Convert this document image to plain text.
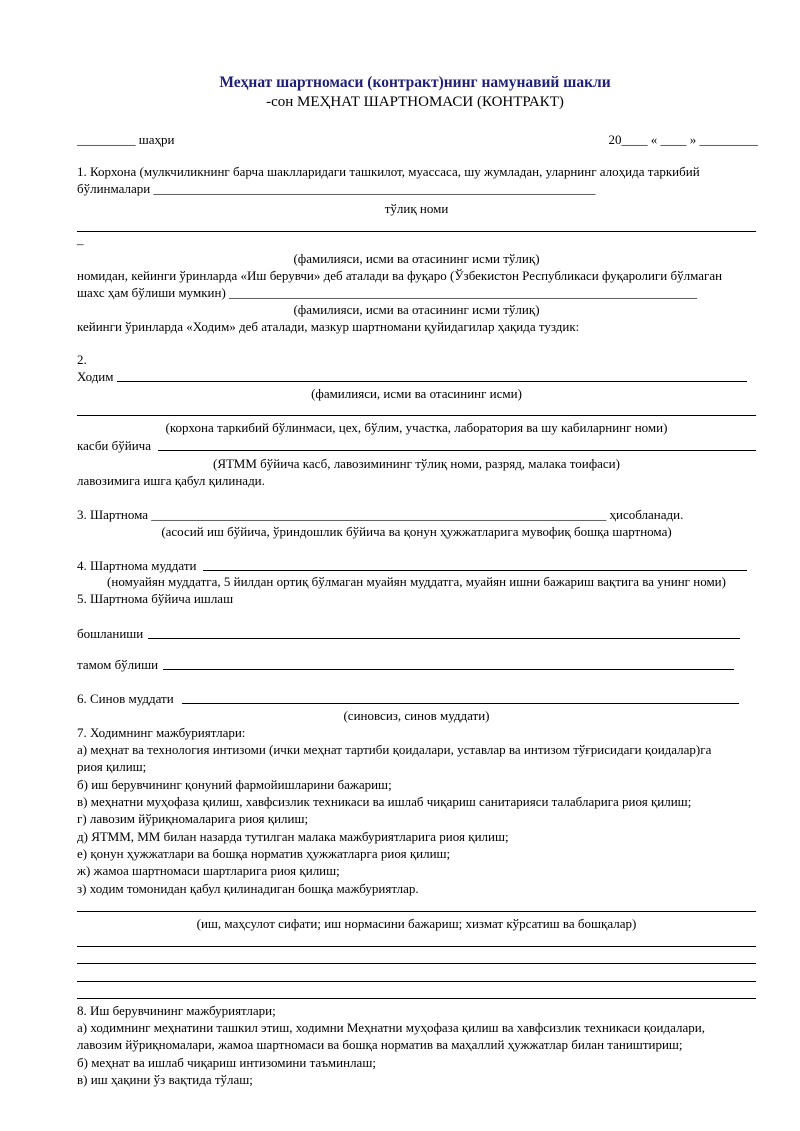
Меҳнат шартномаси (контракт)нинг намунавий шакли
-сон МЕҲНАТ ШАРТНОМАСИ (КОНТРАКТ)
_________ шаҳри	20____ « ____ » _________
1. Корхона (мулкчиликнинг барча шаклларидаги ташкилот, муассаса, шу жумладан, уларнинг алоҳида таркибий
бўлинмалари ____________________________________________________________________
тўлиқ номи
–
(фамилияси, исми ва отасининг исми тўлиқ)
номидан, кейинги ўринларда «Иш берувчи» деб аталади ва фуқаро (Ўзбекистон Республикаси фуқаролиги бўлмаган
шахс ҳам бўлиши мумкин) ________________________________________________________________________
(фамилияси, исми ва отасининг исми тўлиқ)
кейинги ўринларда «Ходим» деб аталади, мазкур шартномани қуйидагилар ҳақида туздик:
2.
Ходим
(фамилияси, исми ва отасининг исми)
(корхона таркибий бўлинмаси, цех, бўлим, участка, лаборатория ва шу кабиларнинг номи)
касби бўйича
(ЯТММ бўйича касб, лавозимининг тўлиқ номи, разряд, малака тоифаси)
лавозимига ишга қабул қилинади.
3. Шартнома ______________________________________________________________________ ҳисобланади.
(асосий иш бўйича, ўриндошлик бўйича ва қонун ҳужжатларига мувофиқ бошқа шартнома)
4. Шартнома муддати
(номуайян муддатга, 5 йилдан ортиқ бўлмаган муайян муддатга, муайян ишни бажариш вақтига ва унинг номи)
5. Шартнома бўйича ишлаш
бошланиши
тамом бўлиши
6. Синов муддати
(синовсиз, синов муддати)
7. Ходимнинг мажбуриятлари:
а) меҳнат ва технология интизоми (ички меҳнат тартиби қоидалари, уставлар ва интизом тўғрисидаги қоидалар)га
риоя қилиш;
б) иш берувчининг қонуний фармойишларини бажариш;
в) меҳнатни муҳофаза қилиш, хавфсизлик техникаси ва ишлаб чиқариш санитарияси талабларига риоя қилиш;
г) лавозим йўриқномаларига риоя қилиш;
д) ЯТММ, ММ билан назарда тутилган малака мажбуриятларига риоя қилиш;
е) қонун ҳужжатлари ва бошқа норматив ҳужжатларга риоя қилиш;
ж) жамоа шартномаси шартларига риоя қилиш;
з) ходим томонидан қабул қилинадиган бошқа мажбуриятлар.
(иш, маҳсулот сифати; иш нормасини бажариш; хизмат кўрсатиш ва бошқалар)
8. Иш берувчининг мажбуриятлари;
а) ходимнинг меҳнатини ташкил этиш, ходимни Меҳнатни муҳофаза қилиш ва хавфсизлик техникаси қоидалари,
лавозим йўриқномалари, жамоа шартномаси ва бошқа норматив ва маҳаллий ҳужжатлар билан таништириш;
б) меҳнат ва ишлаб чиқариш интизомини таъминлаш;
в) иш ҳақини ўз вақтида тўлаш;
